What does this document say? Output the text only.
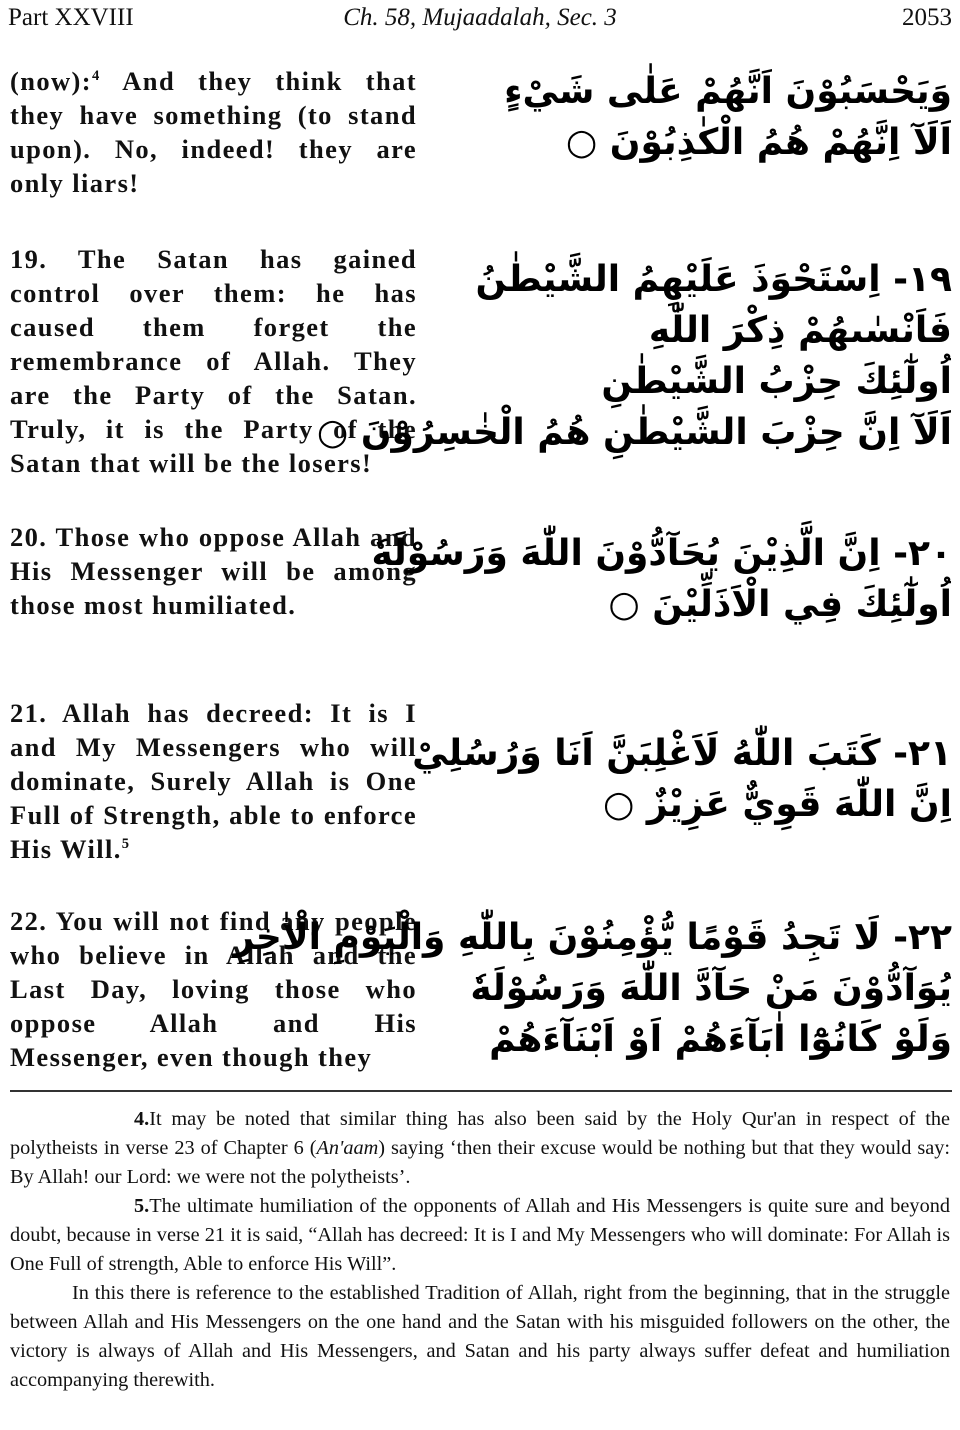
Part XXVIII	Ch. 58, Mujaadalah, Sec. 3	2053
(now):$^4$ And they think that they have something (to stand upon). No, indeed! they are only liars!
وَيَحْسَبُوْنَ اَنَّهُمْ عَلٰى شَيْءٍ
اَلَآ اِنَّهُمْ هُمُ الْكٰذِبُوْنَ ○
19. The Satan has gained control over them: he has caused them forget the remembrance of Allah. They are the Party of the Satan. Truly, it is the Party of the Satan that will be the losers!
١٩- اِسْتَحْوَذَ عَلَيْهِمُ الشَّيْطٰنُ
فَاَنْسٰىهُمْ ذِكْرَ اللّٰهِ
اُولٰٓئِكَ حِزْبُ الشَّيْطٰنِ
اَلَآ اِنَّ حِزْبَ الشَّيْطٰنِ هُمُ الْخٰسِرُوْنَ ○
20. Those who oppose Allah and His Messenger will be among those most humiliated.
٢٠- اِنَّ الَّذِيْنَ يُحَآدُّوْنَ اللّٰهَ وَرَسُوْلَهٗ
اُولٰٓئِكَ فِي الْاَذَلِّيْنَ ○
21. Allah has decreed: It is I and My Messengers who will dominate, Surely Allah is One Full of Strength, able to enforce His Will.$^5$
٢١- كَتَبَ اللّٰهُ لَاَغْلِبَنَّ اَنَا وَرُسُلِيْ
اِنَّ اللّٰهَ قَوِيٌّ عَزِيْزٌ ○
22. You will not find any people who believe in Allah and the Last Day, loving those who oppose Allah and His Messenger, even though they
٢٢- لَا تَجِدُ قَوْمًا يُّؤْمِنُوْنَ بِاللّٰهِ وَالْيَوْمِ الْاٰخِرِ
يُوَآدُّوْنَ مَنْ حَآدَّ اللّٰهَ وَرَسُوْلَهٗ
وَلَوْ كَانُوْٓا اٰبَآءَهُمْ اَوْ اَبْنَآءَهُمْ

4.It may be noted that similar thing has also been said by the Holy Qur'an in respect of the polytheists in verse 23 of Chapter 6 (An'aam) saying ‘then their excuse would be nothing but that they would say: By Allah! our Lord: we were not the polytheists’.

5.The ultimate humiliation of the opponents of Allah and His Messengers is quite sure and beyond doubt, because in verse 21 it is said, “Allah has decreed: It is I and My Messengers who will dominate: For Allah is One Full of strength, Able to enforce His Will”.

In this there is reference to the established Tradition of Allah, right from the beginning, that in the struggle between Allah and His Messengers on the one hand and the Satan with his misguided followers on the other, the victory is always of Allah and His Messengers, and Satan and his party always suffer defeat and humiliation accompanying therewith.
